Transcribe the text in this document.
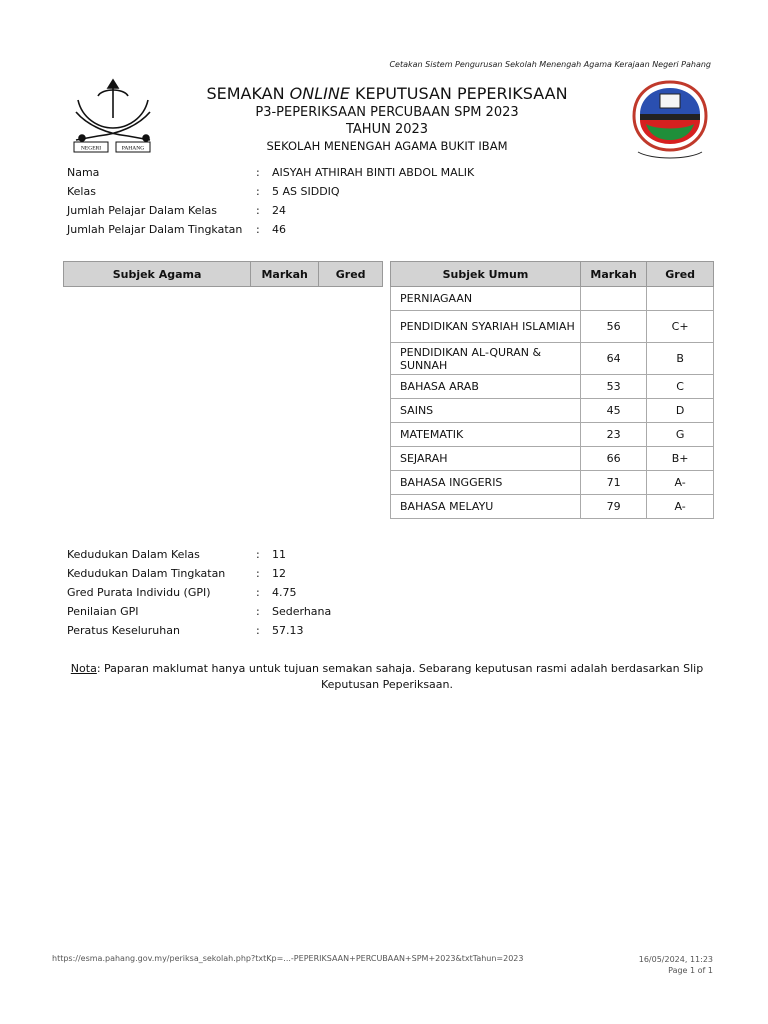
Cetakan Sistem Pengurusan Sekolah Menengah Agama Kerajaan Negeri Pahang
NEGERI	PAHANG
SEMAKAN ONLINE KEPUTUSAN PEPERIKSAAN
P3-PEPERIKSAAN PERCUBAAN SPM 2023
TAHUN 2023
SEKOLAH MENENGAH AGAMA BUKIT IBAM
Nama	: AISYAH ATHIRAH BINTI ABDOL MALIK
Kelas	: 5 AS SIDDIQ
Jumlah Pelajar Dalam Kelas	: 24
Jumlah Pelajar Dalam Tingkatan : 46
Subjek Agama	Markah	Gred	Subjek Umum	Markah	Gred
PERNIAGAAN		
PENDIDIKAN SYARIAH ISLAMIAH	56	C+
PENDIDIKAN AL-QURAN & SUNNAH	64	B
BAHASA ARAB	53	C
SAINS	45	D
MATEMATIK	23	G
SEJARAH	66	B+
BAHASA INGGERIS	71	A-
BAHASA MELAYU	79	A-
Kedudukan Dalam Kelas	: 11
Kedudukan Dalam Tingkatan	: 12
Gred Purata Individu (GPI)	: 4.75
Penilaian GPI	: Sederhana
Peratus Keseluruhan	: 57.13
Nota: Paparan maklumat hanya untuk tujuan semakan sahaja. Sebarang keputusan rasmi adalah berdasarkan Slip Keputusan Peperiksaan.
https://esma.pahang.gov.my/periksa_sekolah.php?txtKp=...-PEPERIKSAAN+PERCUBAAN+SPM+2023&txtTahun=2023	16/05/2024, 11:23
Page 1 of 1
